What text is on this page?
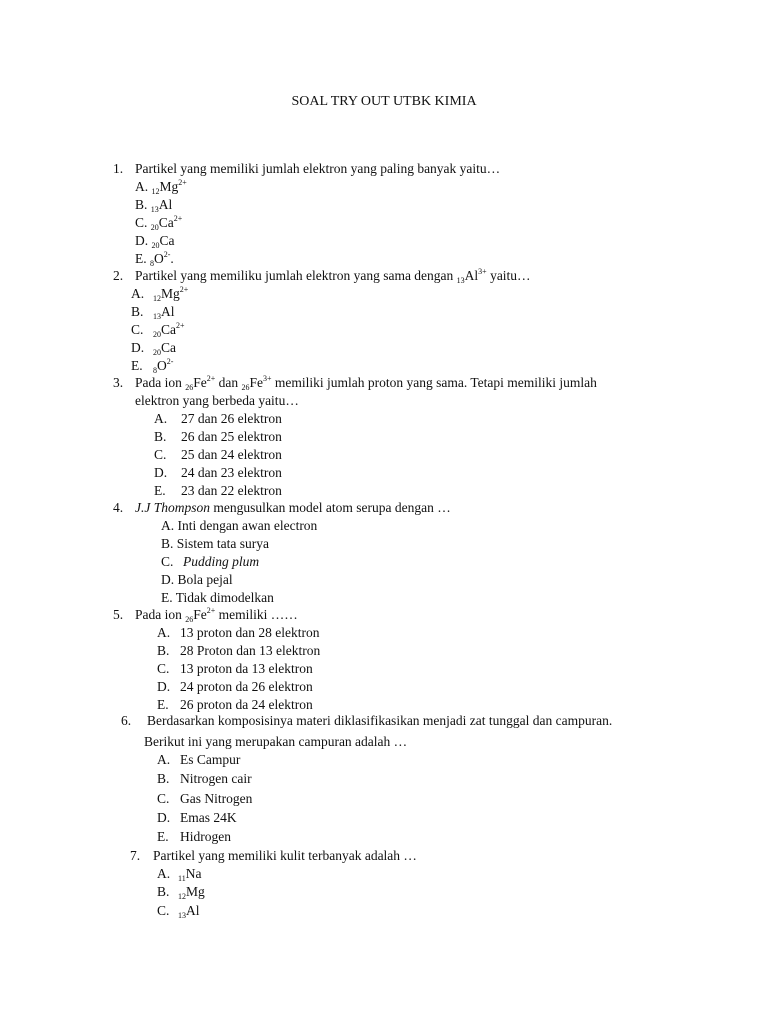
SOAL TRY OUT UTBK KIMIA
1. Partikel yang memiliki jumlah elektron yang paling banyak yaitu…
A. $_{12}Mg^{2+}$
B. $_{13}$Al
C. $_{20}Ca^{2+}$
D. $_{20}$Ca
E. $_8O^{2-}$.
2. Partikel yang memiliku jumlah elektron yang sama dengan $_{13}Al^{3+}$ yaitu…
A. $_{12}Mg^{2+}$
B. $_{13}$Al
C. $_{20}Ca^{2+}$
D. $_{20}$Ca
E. $_8O^{2-}$
3. Pada ion $_{26}Fe^{2+}$ dan $_{26}Fe^{3+}$ memiliki jumlah proton yang sama. Tetapi memiliki jumlah
elektron yang berbeda yaitu…
A. 27 dan 26 elektron
B. 26 dan 25 elektron
C. 25 dan 24 elektron
D. 24 dan 23 elektron
E. 23 dan 22 elektron
4. J.J Thompson mengusulkan model atom serupa dengan …
A. Inti dengan awan electron
B. Sistem tata surya
C. Pudding plum
D. Bola pejal
E. Tidak dimodelkan
5. Pada ion $_{26}Fe^{2+}$ memiliki ……
A. 13 proton dan 28 elektron
B. 28 Proton dan 13 elektron
C. 13 proton da 13 elektron
D. 24 proton da 26 elektron
E. 26 proton da 24 elektron
6. Berdasarkan komposisinya materi diklasifikasikan menjadi zat tunggal dan campuran.
Berikut ini yang merupakan campuran adalah …
A. Es Campur
B. Nitrogen cair
C. Gas Nitrogen
D. Emas 24K
E. Hidrogen
7. Partikel yang memiliki kulit terbanyak adalah …
A. $_{11}$Na
B. $_{12}$Mg
C. $_{13}$Al
